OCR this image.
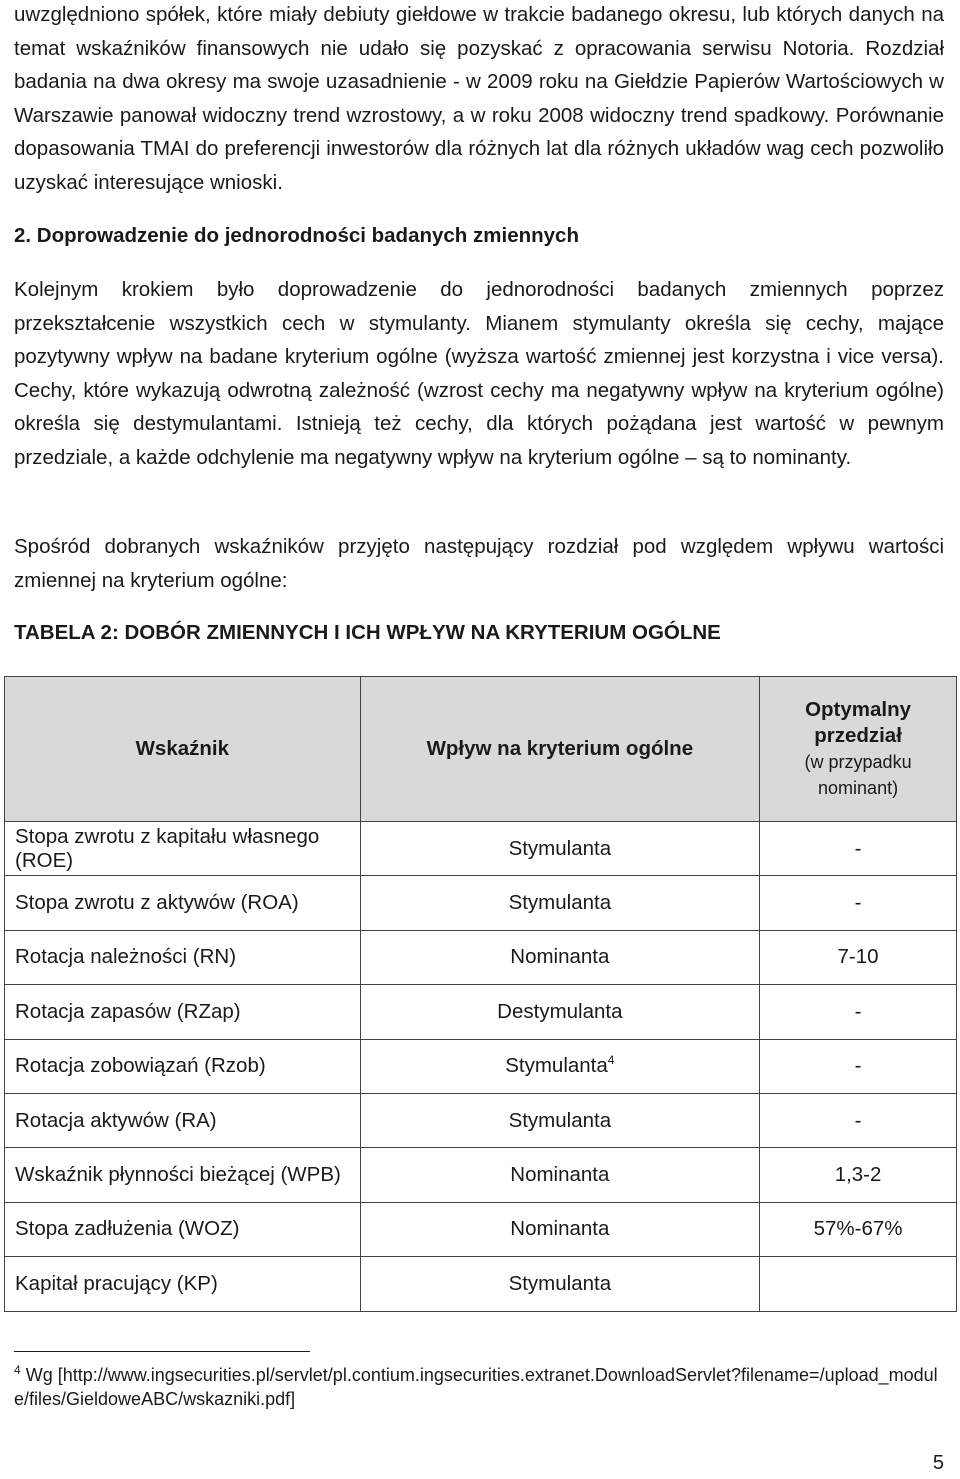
uwzględniono spółek, które miały debiuty giełdowe w trakcie badanego okresu, lub których danych na temat wskaźników finansowych nie udało się pozyskać z opracowania serwisu Notoria. Rozdział badania na dwa okresy ma swoje uzasadnienie - w 2009 roku na Giełdzie Papierów Wartościowych w Warszawie panował widoczny trend wzrostowy, a w roku 2008 widoczny trend spadkowy. Porównanie dopasowania TMAI do preferencji inwestorów dla różnych lat dla różnych układów wag cech pozwoliło uzyskać interesujące wnioski.

2. Doprowadzenie do jednorodności badanych zmiennych

Kolejnym krokiem było doprowadzenie do jednorodności badanych zmiennych poprzez przekształcenie wszystkich cech w stymulanty. Mianem stymulanty określa się cechy, mające pozytywny wpływ na badane kryterium ogólne (wyższa wartość zmiennej jest korzystna i vice versa). Cechy, które wykazują odwrotną zależność (wzrost cechy ma negatywny wpływ na kryterium ogólne) określa się destymulantami. Istnieją też cechy, dla których pożądana jest wartość w pewnym przedziale, a każde odchylenie ma negatywny wpływ na kryterium ogólne – są to nominanty.

Spośród dobranych wskaźników przyjęto następujący rozdział pod względem wpływu wartości zmiennej na kryterium ogólne:

TABELA 2: DOBÓR ZMIENNYCH I ICH WPŁYW NA KRYTERIUM OGÓLNE

Wskaźnik	Wpływ na kryterium ogólne	Optymalny przedział
(w przypadku nominant)

Stopa zwrotu z kapitału własnego (ROE)	Stymulanta	-
Stopa zwrotu z aktywów (ROA)	Stymulanta	-
Rotacja należności (RN)	Nominanta	7-10
Rotacja zapasów (RZap)	Destymulanta	-
Rotacja zobowiązań (Rzob)	Stymulanta$^4$	-
Rotacja aktywów (RA)	Stymulanta	-
Wskaźnik płynności bieżącej (WPB)	Nominanta	1,3-2
Stopa zadłużenia (WOZ)	Nominanta	57%-67%
Kapitał pracujący (KP)	Stymulanta	

$^4$ Wg [http://www.ingsecurities.pl/servlet/pl.contium.ingsecurities.extranet.DownloadServlet?filename=/upload_module/files/GieldoweABC/wskazniki.pdf]

5
